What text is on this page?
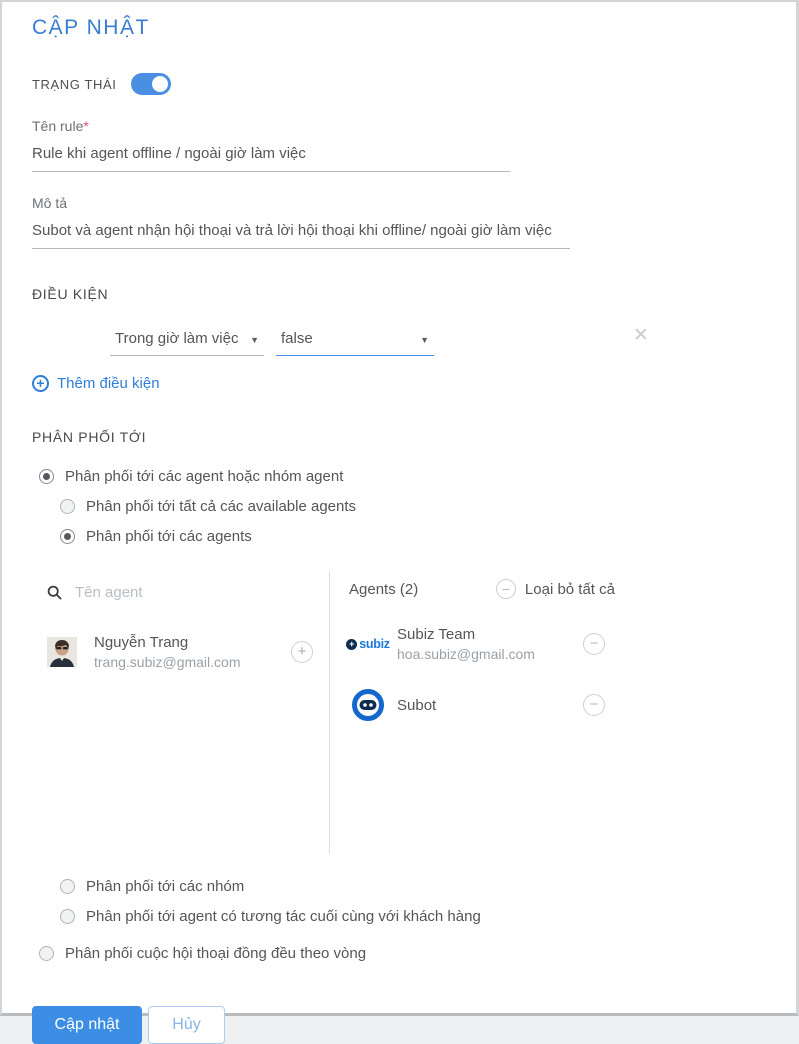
CẬP NHẬT
TRẠNG THÁI
Tên rule*
Rule khi agent offline / ngoài giờ làm việc
Mô tả
Subot và agent nhận hội thoại và trả lời hội thoại khi offline/ ngoài giờ làm việc
ĐIỀU KIỆN
Trong giờ làm việc ▼	false
▼
✕
+
Thêm điều kiện
PHÂN PHỐI TỚI
Phân phối tới các agent hoặc nhóm agent
Phân phối tới tất cả các available agents
Phân phối tới các agents
Tên agent
Nguyễn Trang
trang.subiz@gmail.com
+
Agents (2) −	Loại bỏ tất cả
+
subiz
Subiz Team
hoa.subiz@gmail.com
−
Subot
−
Phân phối tới các nhóm
Phân phối tới agent có tương tác cuối cùng với khách hàng
Phân phối cuộc hội thoại đồng đều theo vòng
Cập nhật	Hủy
